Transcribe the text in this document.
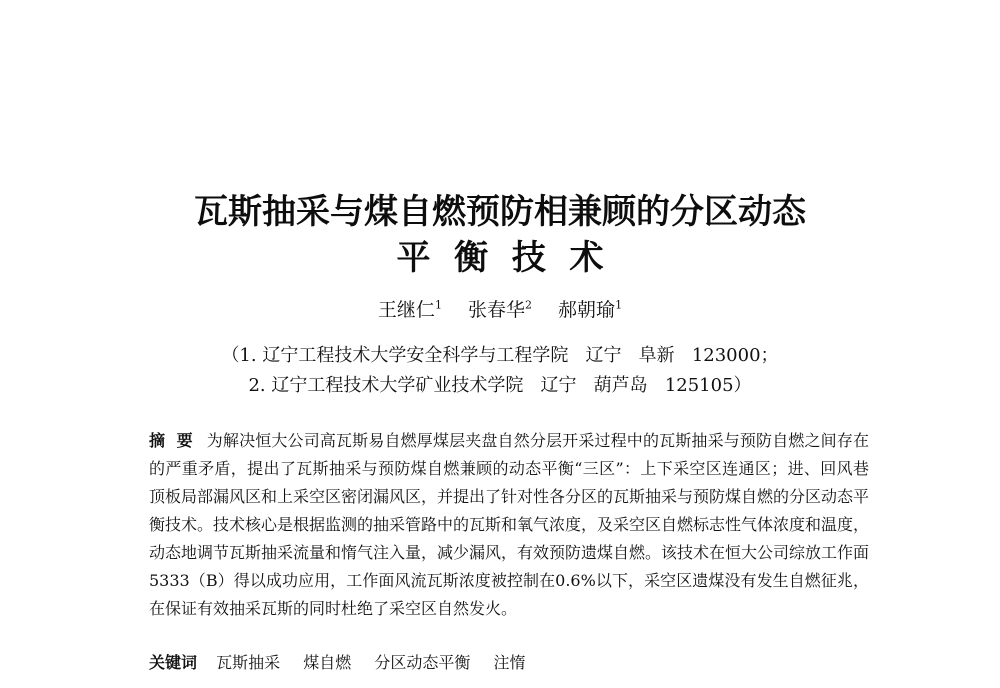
瓦斯抽采与煤自燃预防相兼顾的分区动态
平  衡  技  术
王继仁$^1$ 张春华$^2$ 郝朝瑜$^1$
（1. 辽宁工程技术大学安全科学与工程学院   辽宁   阜新   123000；
2. 辽宁工程技术大学矿业技术学院   辽宁   葫芦岛   125105）
摘  要 为解决恒大公司高瓦斯易自燃厚煤层夹盘自然分层开采过程中的瓦斯抽采与预防自燃之间存在的严重矛盾，提出了瓦斯抽采与预防煤自燃兼顾的动态平衡“三区”：上下采空区连通区；进、回风巷顶板局部漏风区和上采空区密闭漏风区，并提出了针对性各分区的瓦斯抽采与预防煤自燃的分区动态平衡技术。技术核心是根据监测的抽采管路中的瓦斯和氧气浓度，及采空区自燃标志性气体浓度和温度，动态地调节瓦斯抽采流量和惰气注入量，减少漏风，有效预防遗煤自燃。该技术在恒大公司综放工作面5333（B）得以成功应用，工作面风流瓦斯浓度被控制在0.6%以下，采空区遗煤没有发生自燃征兆，在保证有效抽采瓦斯的同时杜绝了采空区自然发火。
关键词 瓦斯抽采 煤自燃 分区动态平衡 注惰
